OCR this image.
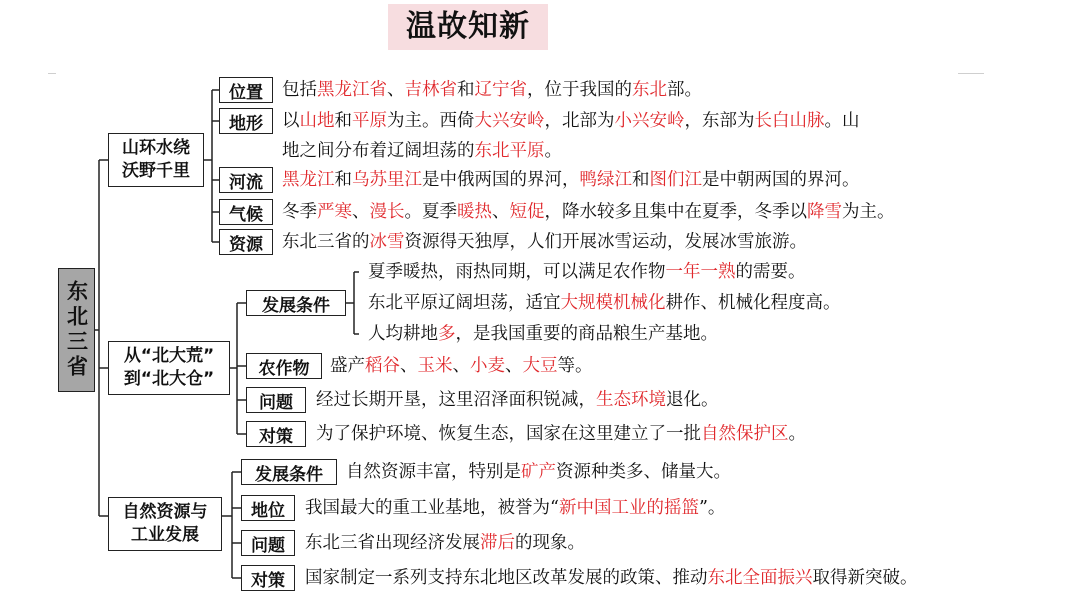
温故知新
东北三省
山环水绕
沃野千里
从“北大荒”
到“北大仓”
自然资源与
工业发展
位置
地形
河流
气候
资源
包括黑龙江省、吉林省和辽宁省，位于我国的东北部。
以山地和平原为主。西倚大兴安岭，北部为小兴安岭，东部为长白山脉。山
地之间分布着辽阔坦荡的东北平原。
黑龙江和乌苏里江是中俄两国的界河，鸭绿江和图们江是中朝两国的界河。
冬季严寒、漫长。夏季暖热、短促，降水较多且集中在夏季，冬季以降雪为主。
东北三省的冰雪资源得天独厚，人们开展冰雪运动，发展冰雪旅游。
发展条件
夏季暖热，雨热同期，可以满足农作物一年一熟的需要。
东北平原辽阔坦荡，适宜大规模机械化耕作、机械化程度高。
人均耕地多，是我国重要的商品粮生产基地。
农作物
问题
对策
盛产稻谷、玉米、小麦、大豆等。
经过长期开垦，这里沼泽面积锐减，生态环境退化。
为了保护环境、恢复生态，国家在这里建立了一批自然保护区。
发展条件
地位
问题
对策
自然资源丰富，特别是矿产资源种类多、储量大。
我国最大的重工业基地，被誉为“新中国工业的摇篮”。
东北三省出现经济发展滞后的现象。
国家制定一系列支持东北地区改革发展的政策、推动东北全面振兴取得新突破。
